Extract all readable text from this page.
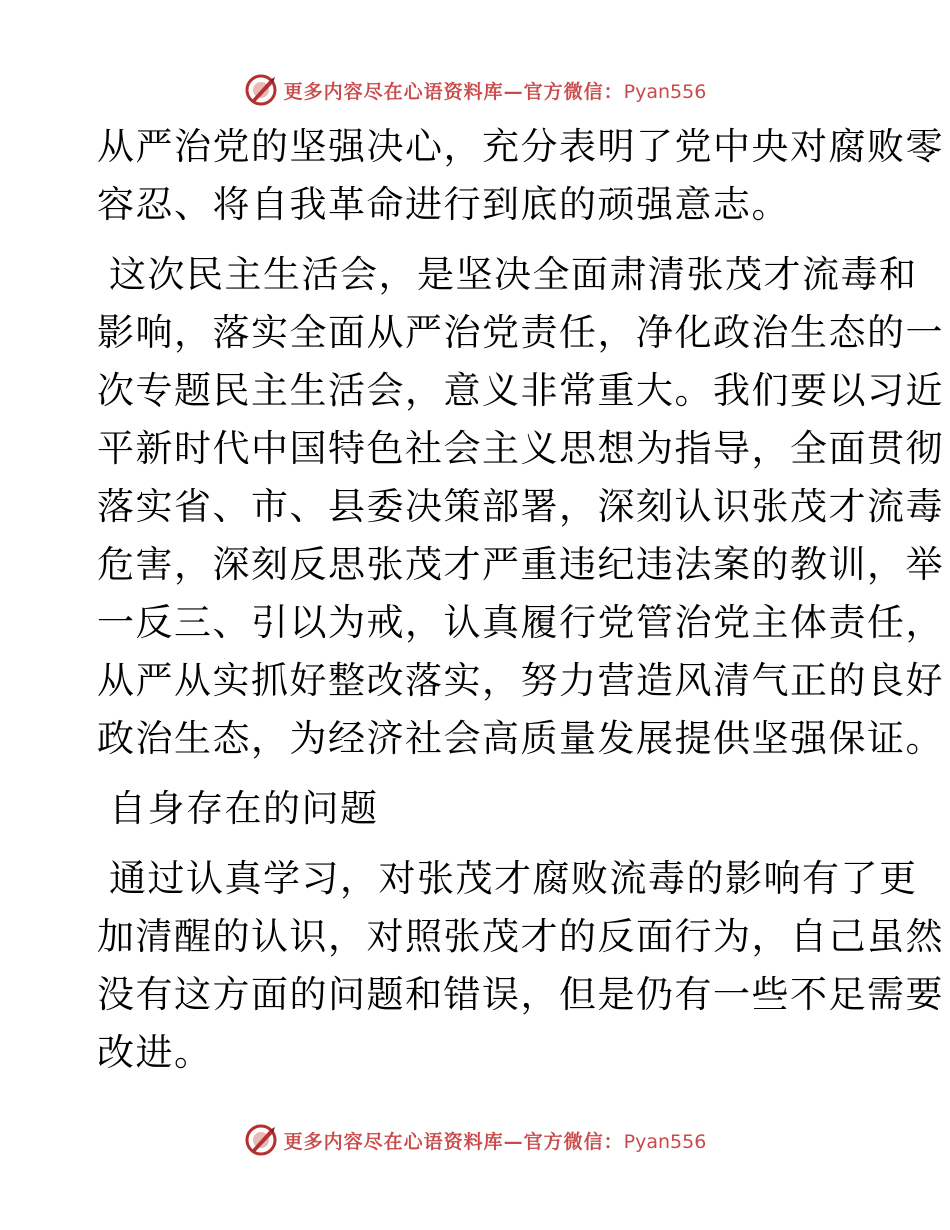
更多内容尽在心语资料库—官方微信：Pyan556
从严治党的坚强决心，充分表明了党中央对腐败零
容忍、将自我革命进行到底的顽强意志。
这次民主生活会，是坚决全面肃清张茂才流毒和
影响，落实全面从严治党责任，净化政治生态的一
次专题民主生活会，意义非常重大。我们要以习近
平新时代中国特色社会主义思想为指导，全面贯彻
落实省、市、县委决策部署，深刻认识张茂才流毒
危害，深刻反思张茂才严重违纪违法案的教训，举
一反三、引以为戒，认真履行党管治党主体责任，
从严从实抓好整改落实，努力营造风清气正的良好
政治生态，为经济社会高质量发展提供坚强保证。
自身存在的问题
通过认真学习，对张茂才腐败流毒的影响有了更
加清醒的认识，对照张茂才的反面行为，自己虽然
没有这方面的问题和错误，但是仍有一些不足需要
改进。
更多内容尽在心语资料库—官方微信：Pyan556
